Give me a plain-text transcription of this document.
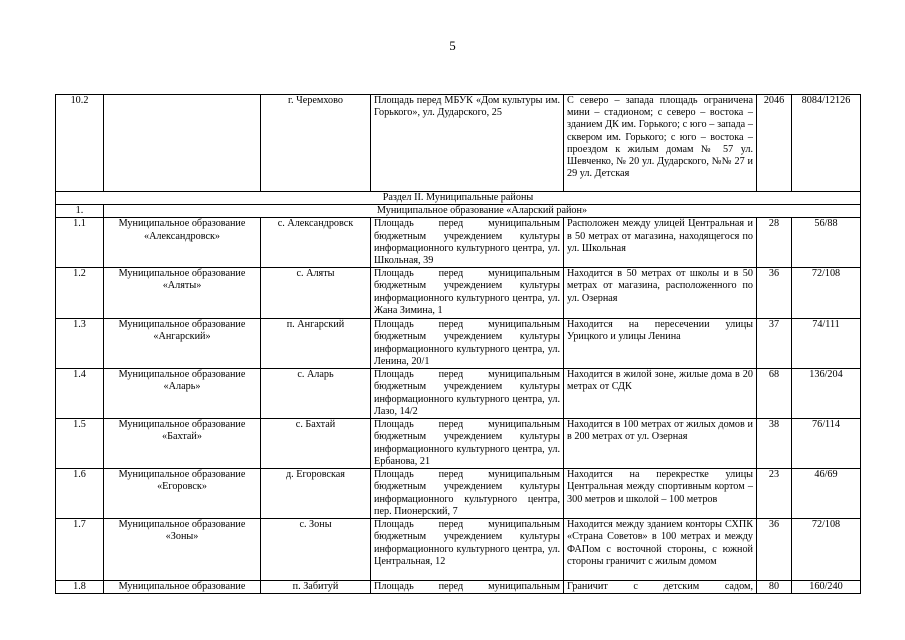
5
10.2		г. Черемхово	Площадь перед МБУК «Дом культуры им. Горького», ул. Дударского, 25	С северо – запада площадь ограничена мини – стадионом; с северо – востока – зданием ДК им. Горького; с юго – запада –сквером им. Горького; с юго – востока – проездом к жилым домам № 57 ул. Шевченко, № 20 ул. Дударского, №№ 27 и 29 ул. Детская	2046	8084/12126
Раздел II. Муниципальные районы						
1.	Муниципальное образование «Аларский район»					
1.1	Муниципальное образование «Александровск»	с. Александровск	Площадь перед муниципальным бюджетным учреждением культуры информационного культурного центра, ул. Школьная, 39	Расположен между улицей Центральная и в 50 метрах от магазина, находящегося по ул. Школьная	28	56/88
1.2	Муниципальное образование «Аляты»	с. Аляты	Площадь перед муниципальным бюджетным учреждением культуры информационного культурного центра, ул. Жана Зимина, 1	Находится в 50 метрах от школы и в 50 метрах от магазина, расположенного по ул. Озерная	36	72/108
1.3	Муниципальное образование «Ангарский»	п. Ангарский	Площадь перед муниципальным бюджетным учреждением культуры информационного культурного центра, ул. Ленина, 20/1	Находится на пересечении улицы Урицкого и улицы Ленина	37	74/111
1.4	Муниципальное образование «Аларь»	с. Аларь	Площадь перед муниципальным бюджетным учреждением культуры информационного культурного центра, ул. Лазо, 14/2	Находится в жилой зоне, жилые дома в 20 метрах от СДК	68	136/204
1.5	Муниципальное образование «Бахтай»	с. Бахтай	Площадь перед муниципальным бюджетным учреждением культуры информационного культурного центра, ул. Ербанова, 21	Находится в 100 метрах от жилых домов и в 200 метрах от ул. Озерная	38	76/114
1.6	Муниципальное образование «Егоровск»	д. Егоровская	Площадь перед муниципальным бюджетным учреждением культуры информационного культурного центра, пер. Пионерский, 7	Находится на перекрестке улицы Центральная между спортивным кортом – 300 метров и школой – 100 метров	23	46/69
1.7	Муниципальное образование «Зоны»	с. Зоны	Площадь перед муниципальным бюджетным учреждением культуры информационного культурного центра, ул. Центральная, 12	Находится между зданием конторы СХПК «Страна Советов» в 100 метрах и между ФАПом с восточной стороны, с южной стороны граничит с жилым домом	36	72/108
1.8	Муниципальное образование	п. Забитуй	Площадь перед муниципальным	Граничит с детским садом,	80	160/240
